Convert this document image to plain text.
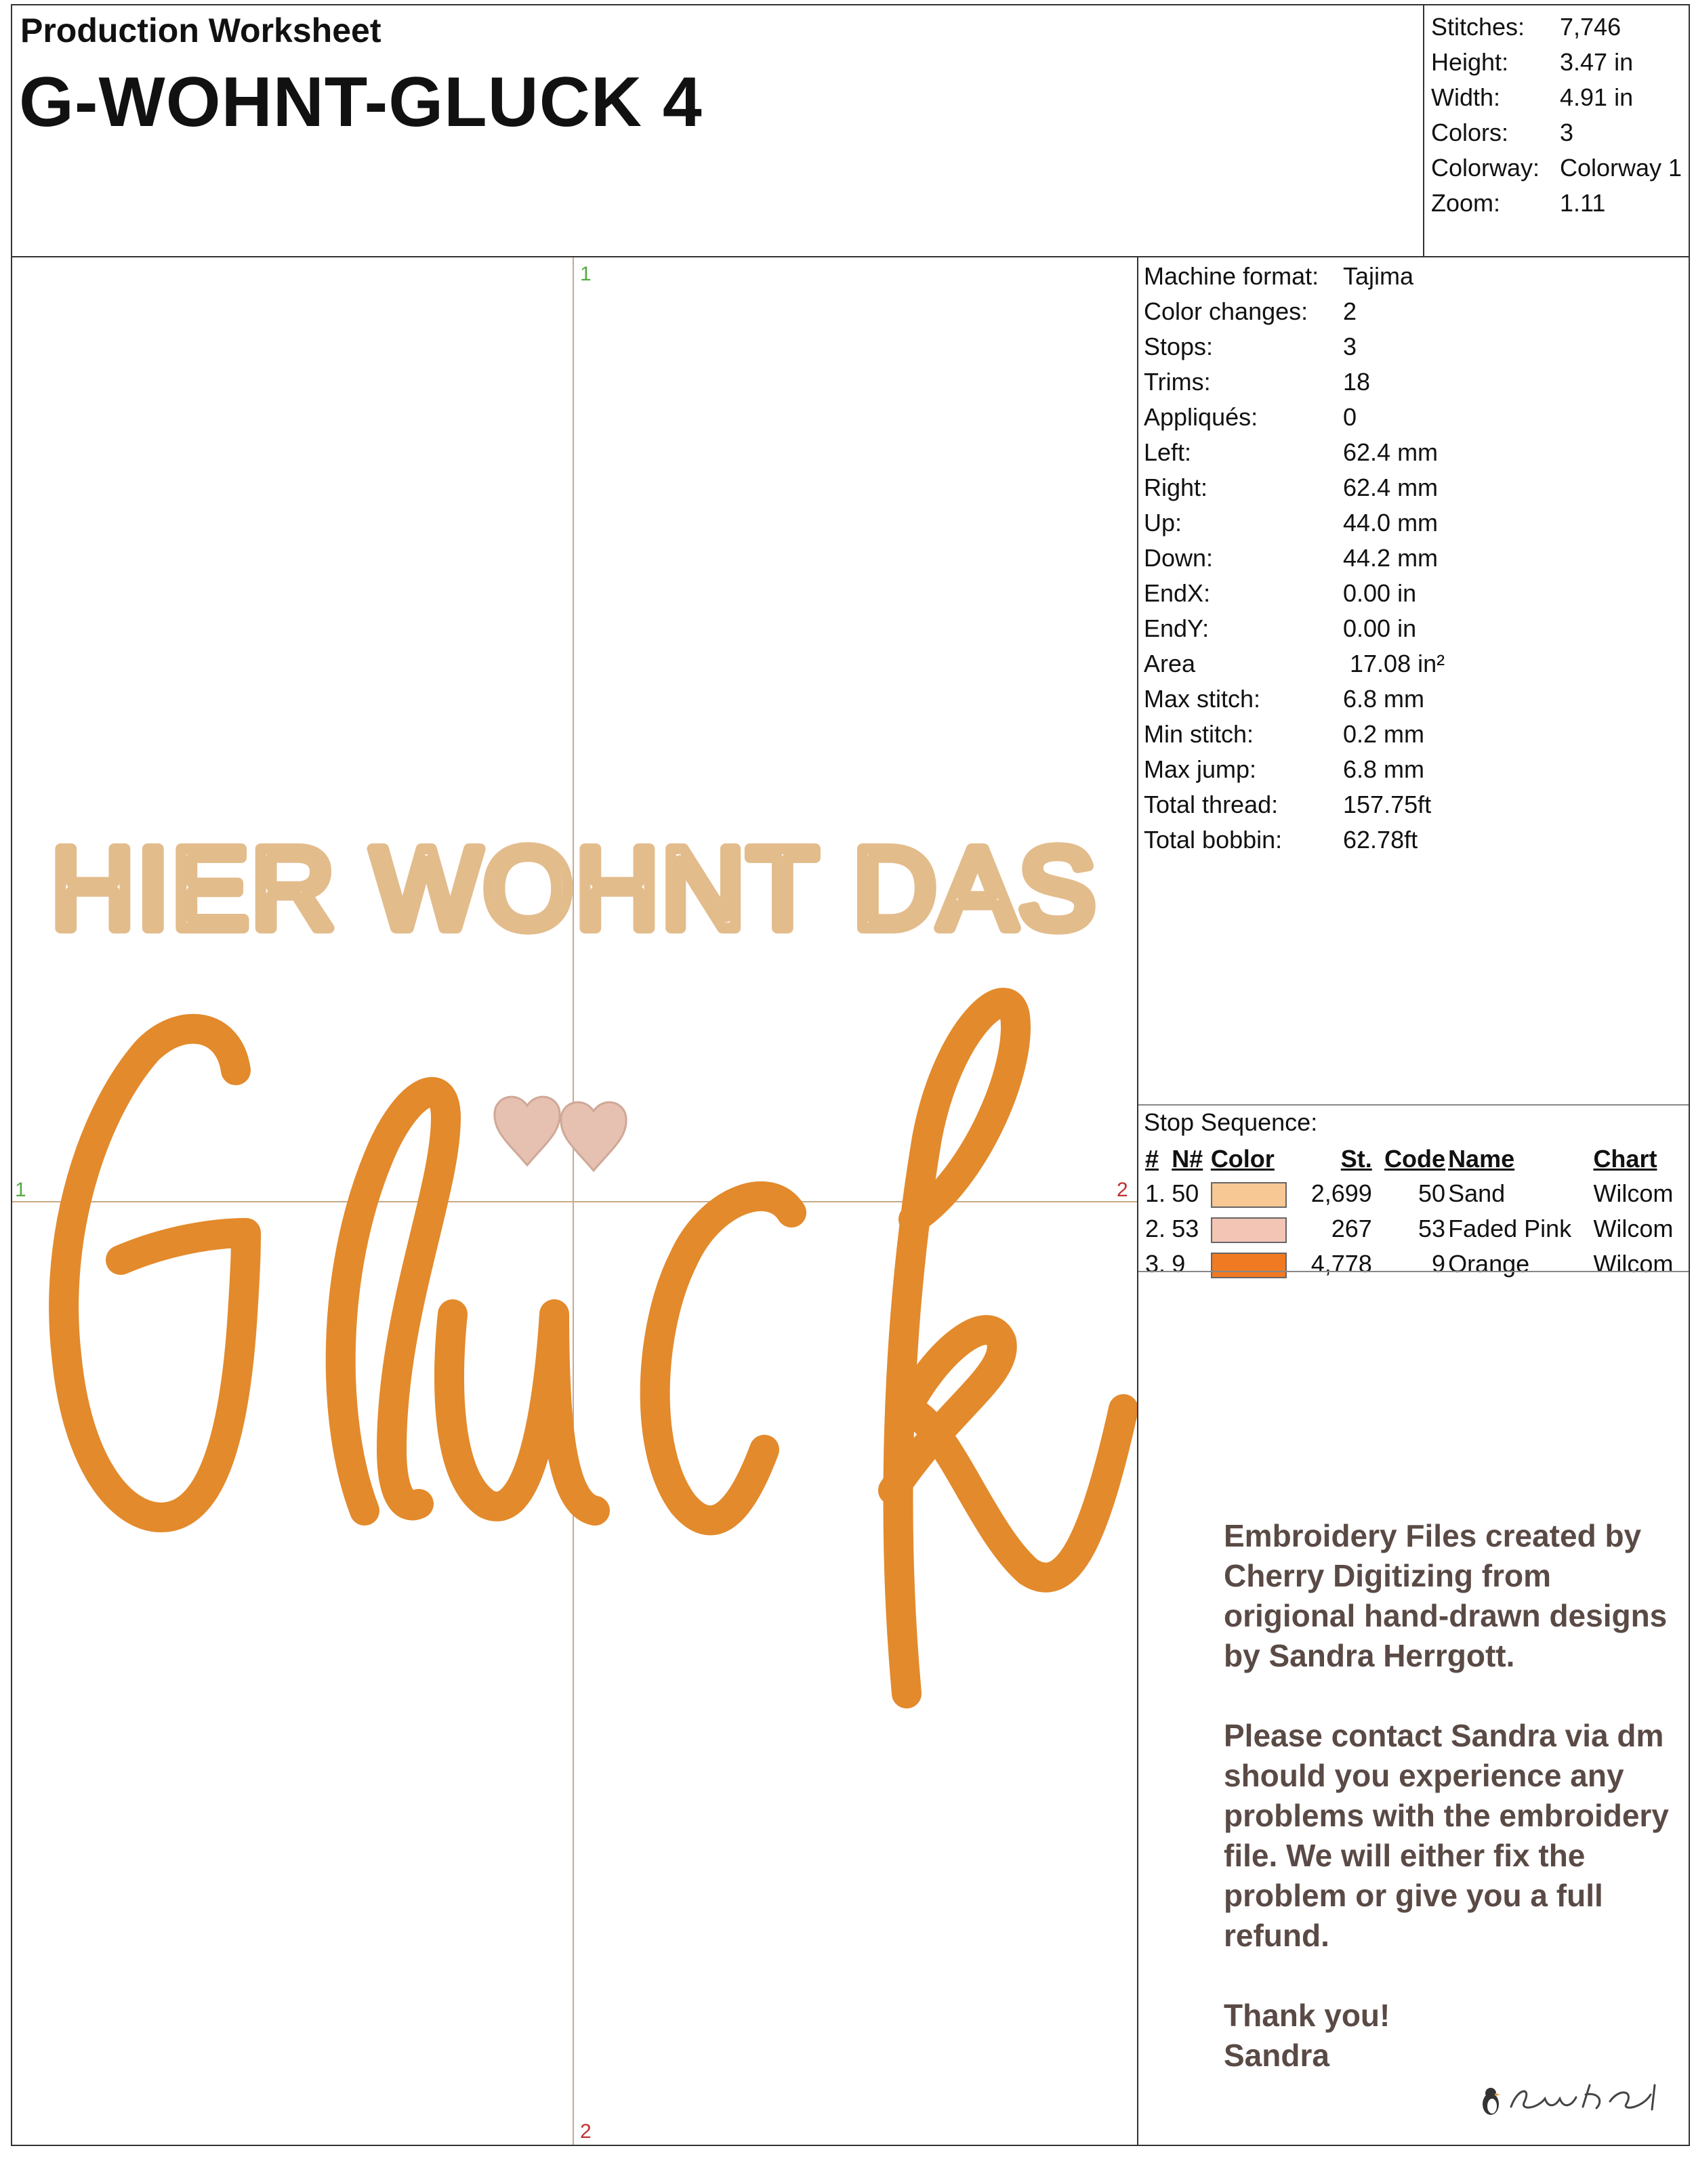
Production Worksheet
G-WOHNT-GLUCK 4
Stitches:	7,746
Height:	3.47 in
Width:	4.91 in
Colors:	3
Colorway: Colorway 1
Zoom:	1.11
1
2
1	2
HIER WOHNT DAS
Machine format: Tajima
Color changes:	2
Stops:	3
Trims:	18
Appliqués:	0
Left:	62.4 mm
Right:	62.4 mm
Up:	44.0 mm
Down:	44.2 mm
EndX:	0.00 in
EndY:	0.00 in
Area	17.08 in²
Max stitch:	6.8 mm
Min stitch:	0.2 mm
Max jump:	6.8 mm
Total thread:	157.75ft
Total bobbin:	62.78ft
Stop Sequence:
#	N#	Color	St.	Code	Name	Chart
1.	50		2,699	50	Sand	Wilcom
2.	53		267	53	Faded Pink	Wilcom
3.	9		4,778	9	Orange	Wilcom

Embroidery Files created by Cherry Digitizing from origional hand-drawn designs by Sandra Herrgott.

Please contact Sandra via dm should you experience any problems with the embroidery file. We will either fix the problem or give you a full refund.

Thank you!
Sandra
